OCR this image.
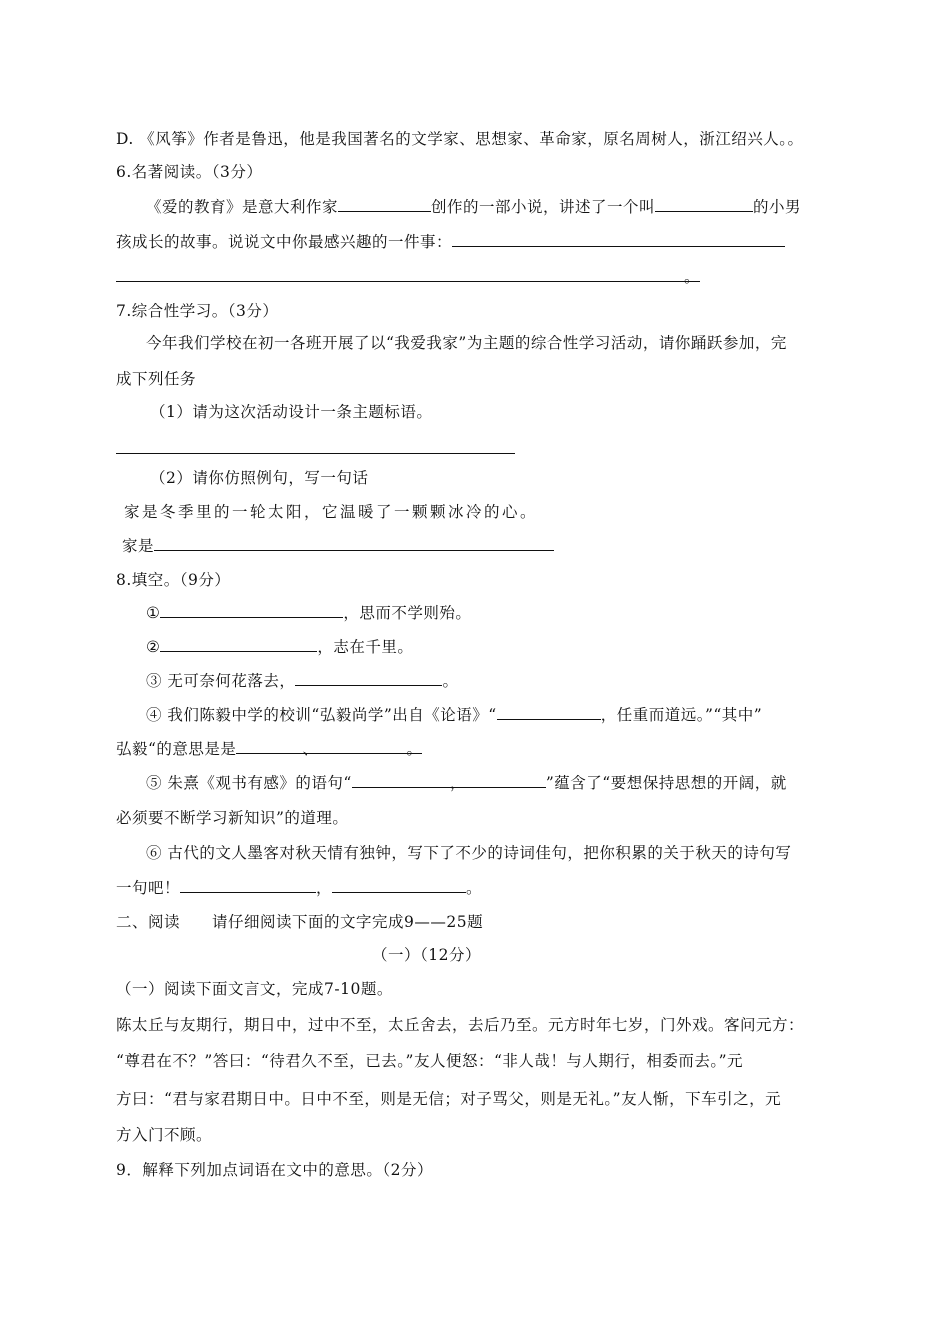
D. 《风筝》作者是鲁迅，他是我国著名的文学家、思想家、革命家，原名周树人，浙江绍兴人。。
6.名著阅读。（3分）
《爱的教育》是意大利作家	创作的一部小说，讲述了一个叫	的小男
孩成长的故事。说说文中你最感兴趣的一件事：
。
7.综合性学习。（3分）
今年我们学校在初一各班开展了以“我爱我家”为主题的综合性学习活动，请你踊跃参加，完
成下列任务
（1）请为这次活动设计一条主题标语。
（2）请你仿照例句，写一句话
家是冬季里的一轮太阳，它温暖了一颗颗冰冷的心。
家是
8.填空。（9分）
①	，思而不学则殆。
②	，志在千里。
③ 无可奈何花落去，	。
④ 我们陈毅中学的校训“弘毅尚学”出自《论语》“	，任重而道远。”“其中”
弘毅“的意思是是	、	。
⑤ 朱熹《观书有感》的语句“	，	”蕴含了“要想保持思想的开阔，就
必须要不断学习新知识”的道理。
⑥ 古代的文人墨客对秋天情有独钟，写下了不少的诗词佳句，把你积累的关于秋天的诗句写
一句吧！	，	。
二、阅读　　请仔细阅读下面的文字完成9——25题
（一）（12分）
（一）阅读下面文言文，完成7-10题。
陈太丘与友期行，期日中，过中不至，太丘舍去，去后乃至。元方时年七岁，门外戏。客问元方：
“尊君在不？”答曰：“待君久不至，已去。”友人便怒：“非人哉！与人期行，相委而去。”元
方曰：“君与家君期日中。日中不至，则是无信；对子骂父，则是无礼。”友人惭，下车引之，元
方入门不顾。
9．解释下列加点词语在文中的意思。（2分）
